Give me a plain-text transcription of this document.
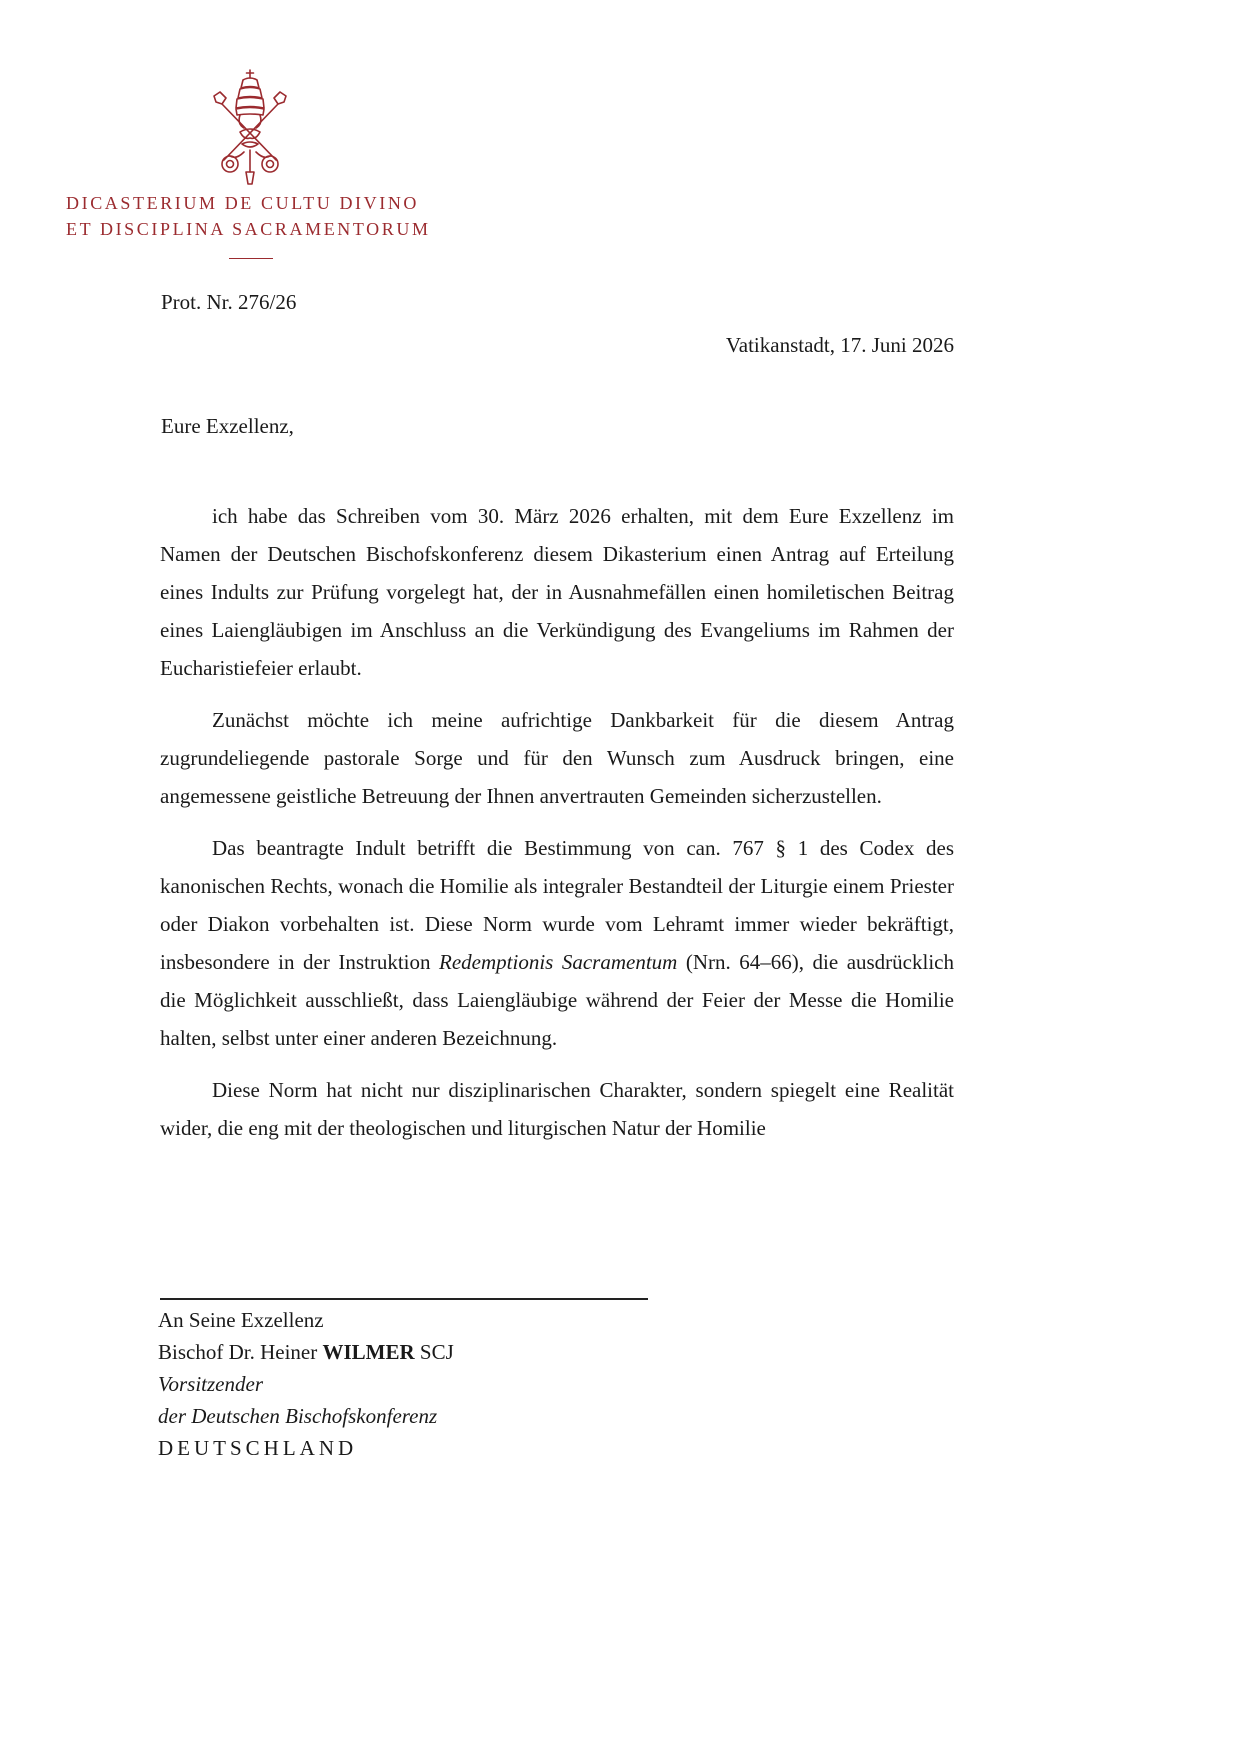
DICASTERIUM DE CULTU DIVINO
ET DISCIPLINA SACRAMENTORUM
Prot. Nr. 276/26
Vatikanstadt, 17. Juni 2026
Eure Exzellenz,

ich habe das Schreiben vom 30. März 2026 erhalten, mit dem Eure Exzellenz im Namen der Deutschen Bischofskonferenz diesem Dikasterium einen Antrag auf Erteilung eines Indults zur Prüfung vorgelegt hat, der in Ausnahmefällen einen homiletischen Beitrag eines Laiengläubigen im Anschluss an die Verkündigung des Evangeliums im Rahmen der Eucharistiefeier erlaubt.

Zunächst möchte ich meine aufrichtige Dankbarkeit für die diesem Antrag zugrundeliegende pastorale Sorge und für den Wunsch zum Ausdruck bringen, eine angemessene geistliche Betreuung der Ihnen anvertrauten Gemeinden sicherzustellen.

Das beantragte Indult betrifft die Bestimmung von can. 767 § 1 des Codex des kanonischen Rechts, wonach die Homilie als integraler Bestandteil der Liturgie einem Priester oder Diakon vorbehalten ist. Diese Norm wurde vom Lehramt immer wieder bekräftigt, insbesondere in der Instruktion Redemptionis Sacramentum (Nrn. 64–66), die ausdrücklich die Möglichkeit ausschließt, dass Laiengläubige während der Feier der Messe die Homilie halten, selbst unter einer anderen Bezeichnung.

Diese Norm hat nicht nur disziplinarischen Charakter, sondern spiegelt eine Realität wider, die eng mit der theologischen und liturgischen Natur der Homilie

An Seine Exzellenz
Bischof Dr. Heiner WILMER SCJ
Vorsitzender
der Deutschen Bischofskonferenz
DEUTSCHLAND
